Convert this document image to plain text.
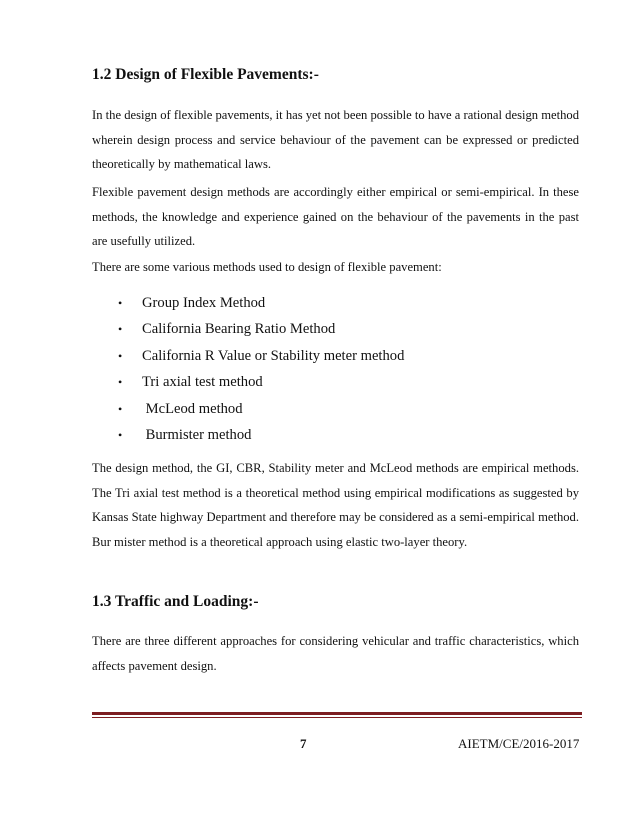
1.2 Design of Flexible Pavements:-

In the design of flexible pavements, it has yet not been possible to have a rational design method wherein design process and service behaviour of the pavement can be expressed or predicted theoretically by mathematical laws.

Flexible pavement design methods are accordingly either empirical or semi-empirical. In these methods, the knowledge and experience gained on the behaviour of the pavements in the past are usefully utilized.

There are some various methods used to design of flexible pavement:

• Group Index Method
• California Bearing Ratio Method
• California R Value or Stability meter method
• Tri axial test method
• McLeod method
• Burmister method

The design method, the GI, CBR, Stability meter and McLeod methods are empirical methods. The Tri axial test method is a theoretical method using empirical modifications as suggested by Kansas State highway Department and therefore may be considered as a semi-empirical method. Bur mister method is a theoretical approach using elastic two-layer theory.

1.3 Traffic and Loading:-

There are three different approaches for considering vehicular and traffic characteristics, which affects pavement design.

7	AIETM/CE/2016-2017
